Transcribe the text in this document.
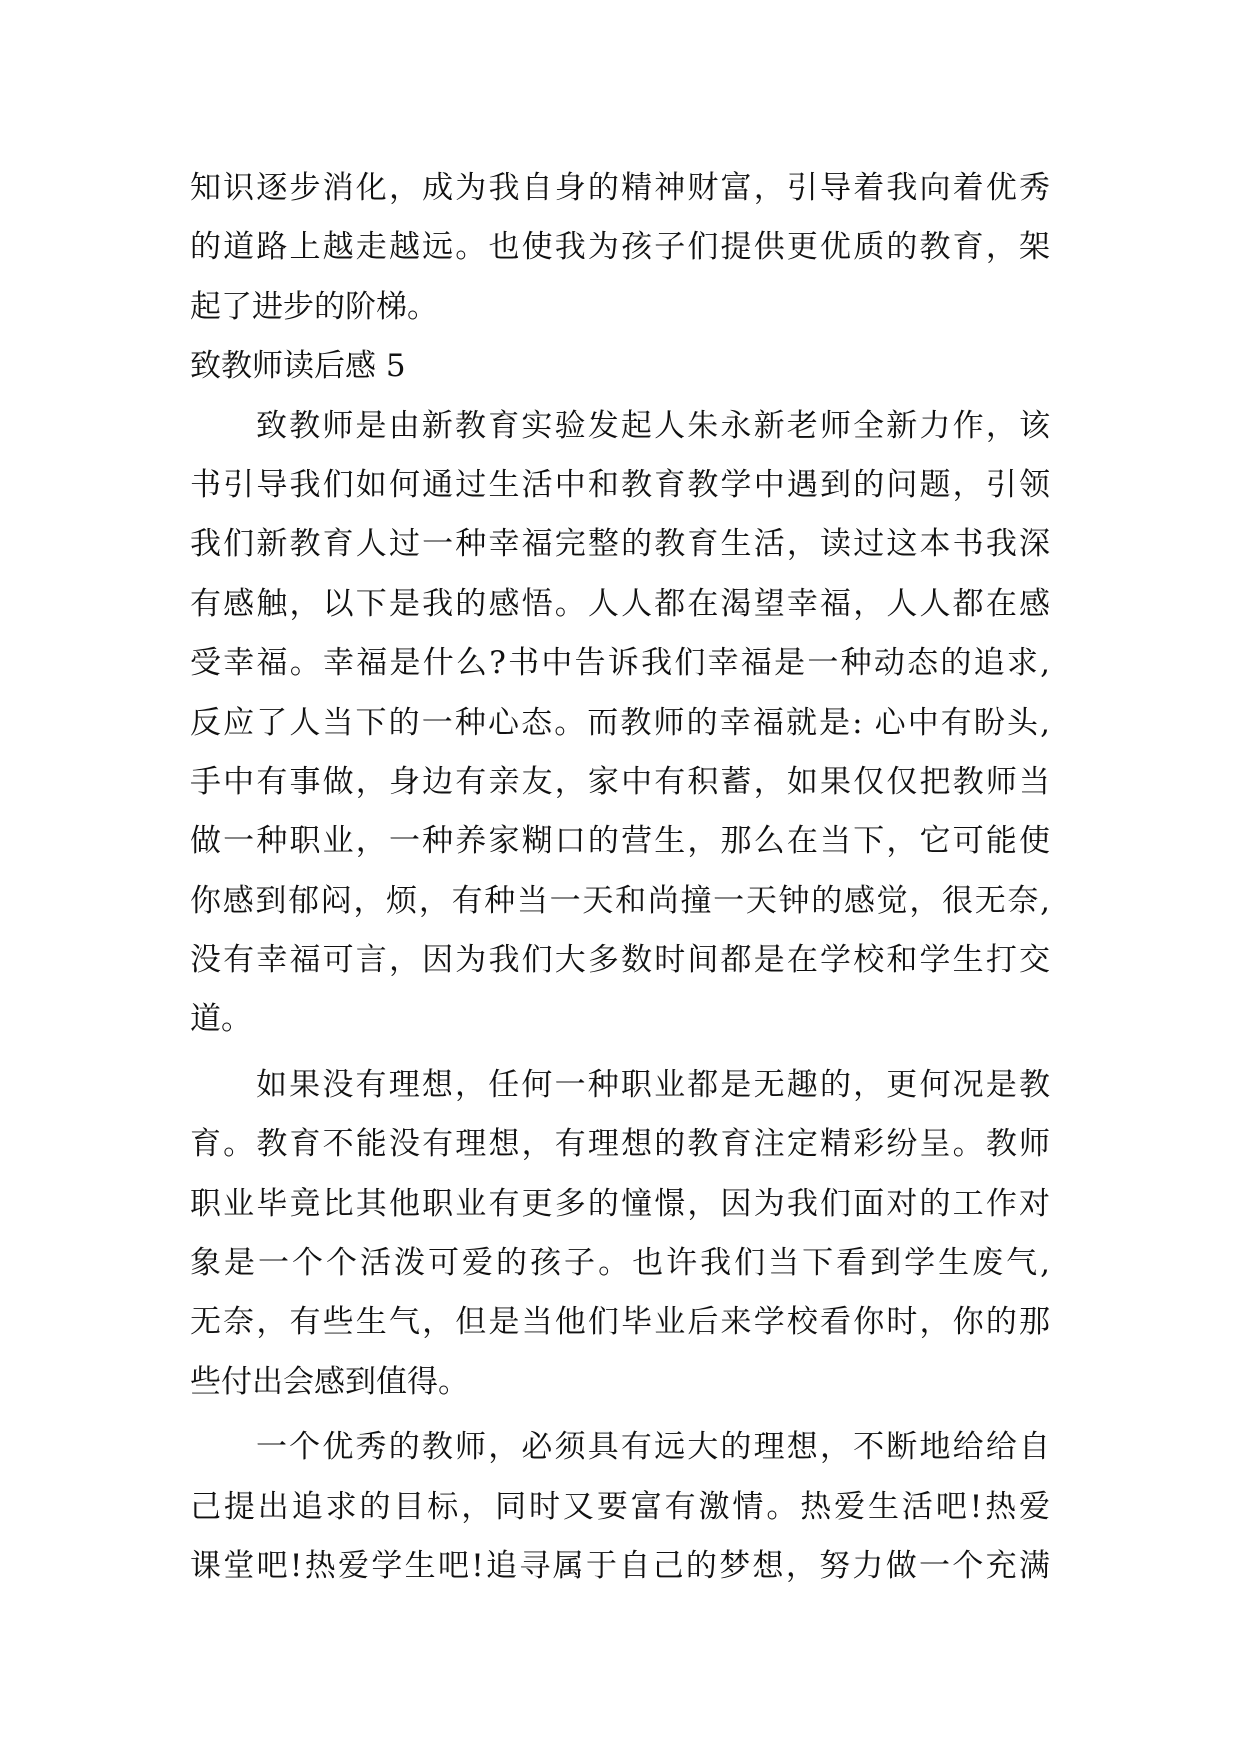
知识逐步消化，成为我自身的精神财富，引导着我向着优秀
的道路上越走越远。也使我为孩子们提供更优质的教育，架
起了进步的阶梯。
致教师读后感 5
致教师是由新教育实验发起人朱永新老师全新力作，该
书引导我们如何通过生活中和教育教学中遇到的问题，引领
我们新教育人过一种幸福完整的教育生活，读过这本书我深
有感触，以下是我的感悟。人人都在渴望幸福，人人都在感
受幸福。幸福是什么?书中告诉我们幸福是一种动态的追求,
反应了人当下的一种心态。而教师的幸福就是: 心中有盼头,
手中有事做，身边有亲友，家中有积蓄，如果仅仅把教师当
做一种职业，一种养家糊口的营生，那么在当下，它可能使
你感到郁闷，烦，有种当一天和尚撞一天钟的感觉，很无奈,
没有幸福可言，因为我们大多数时间都是在学校和学生打交
道。
如果没有理想，任何一种职业都是无趣的，更何况是教
育。教育不能没有理想，有理想的教育注定精彩纷呈。教师
职业毕竟比其他职业有更多的憧憬，因为我们面对的工作对
象是一个个活泼可爱的孩子。也许我们当下看到学生废气,
无奈，有些生气，但是当他们毕业后来学校看你时，你的那
些付出会感到值得。
一个优秀的教师，必须具有远大的理想，不断地给给自
己提出追求的目标，同时又要富有激情。热爱生活吧!热爱
课堂吧!热爱学生吧!追寻属于自己的梦想，努力做一个充满
